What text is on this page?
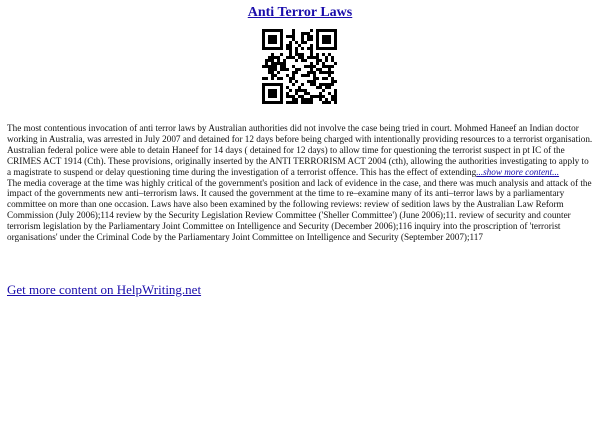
Anti Terror Laws

The most contentious invocation of anti terror laws by Australian authorities did not involve the case being tried in court. Mohmed Haneef an Indian doctor working in Australia, was arrested in July 2007 and detained for 12 days before being charged with intentionally providing resources to a terrorist organisation. Australian federal police were able to detain Haneef for 14 days ( detained for 12 days) to allow time for questioning the terrorist suspect in pt IC of the CRIMES ACT 1914 (Cth). These provisions, originally inserted by the ANTI TERRORISM ACT 2004 (cth), allowing the authorities investigating to apply to a magistrate to suspend or delay questioning time during the investigation of a terrorist offence. This has the effect of extending...show more content...

The media coverage at the time was highly critical of the government's position and lack of evidence in the case, and there was much analysis and attack of the impact of the governments new anti–terrorism laws. It caused the government at the time to re–examine many of its anti–terror laws by a parliamentary committee on more than one occasion. Laws have also been examined by the following reviews: review of sedition laws by the Australian Law Reform Commission (July 2006);114 review by the Security Legislation Review Committee ('Sheller Committee') (June 2006);11. review of security and counter terrorism legislation by the Parliamentary Joint Committee on Intelligence and Security (December 2006);116 inquiry into the proscription of 'terrorist organisations' under the Criminal Code by the Parliamentary Joint Committee on Intelligence and Security (September 2007);117

Get more content on HelpWriting.net
